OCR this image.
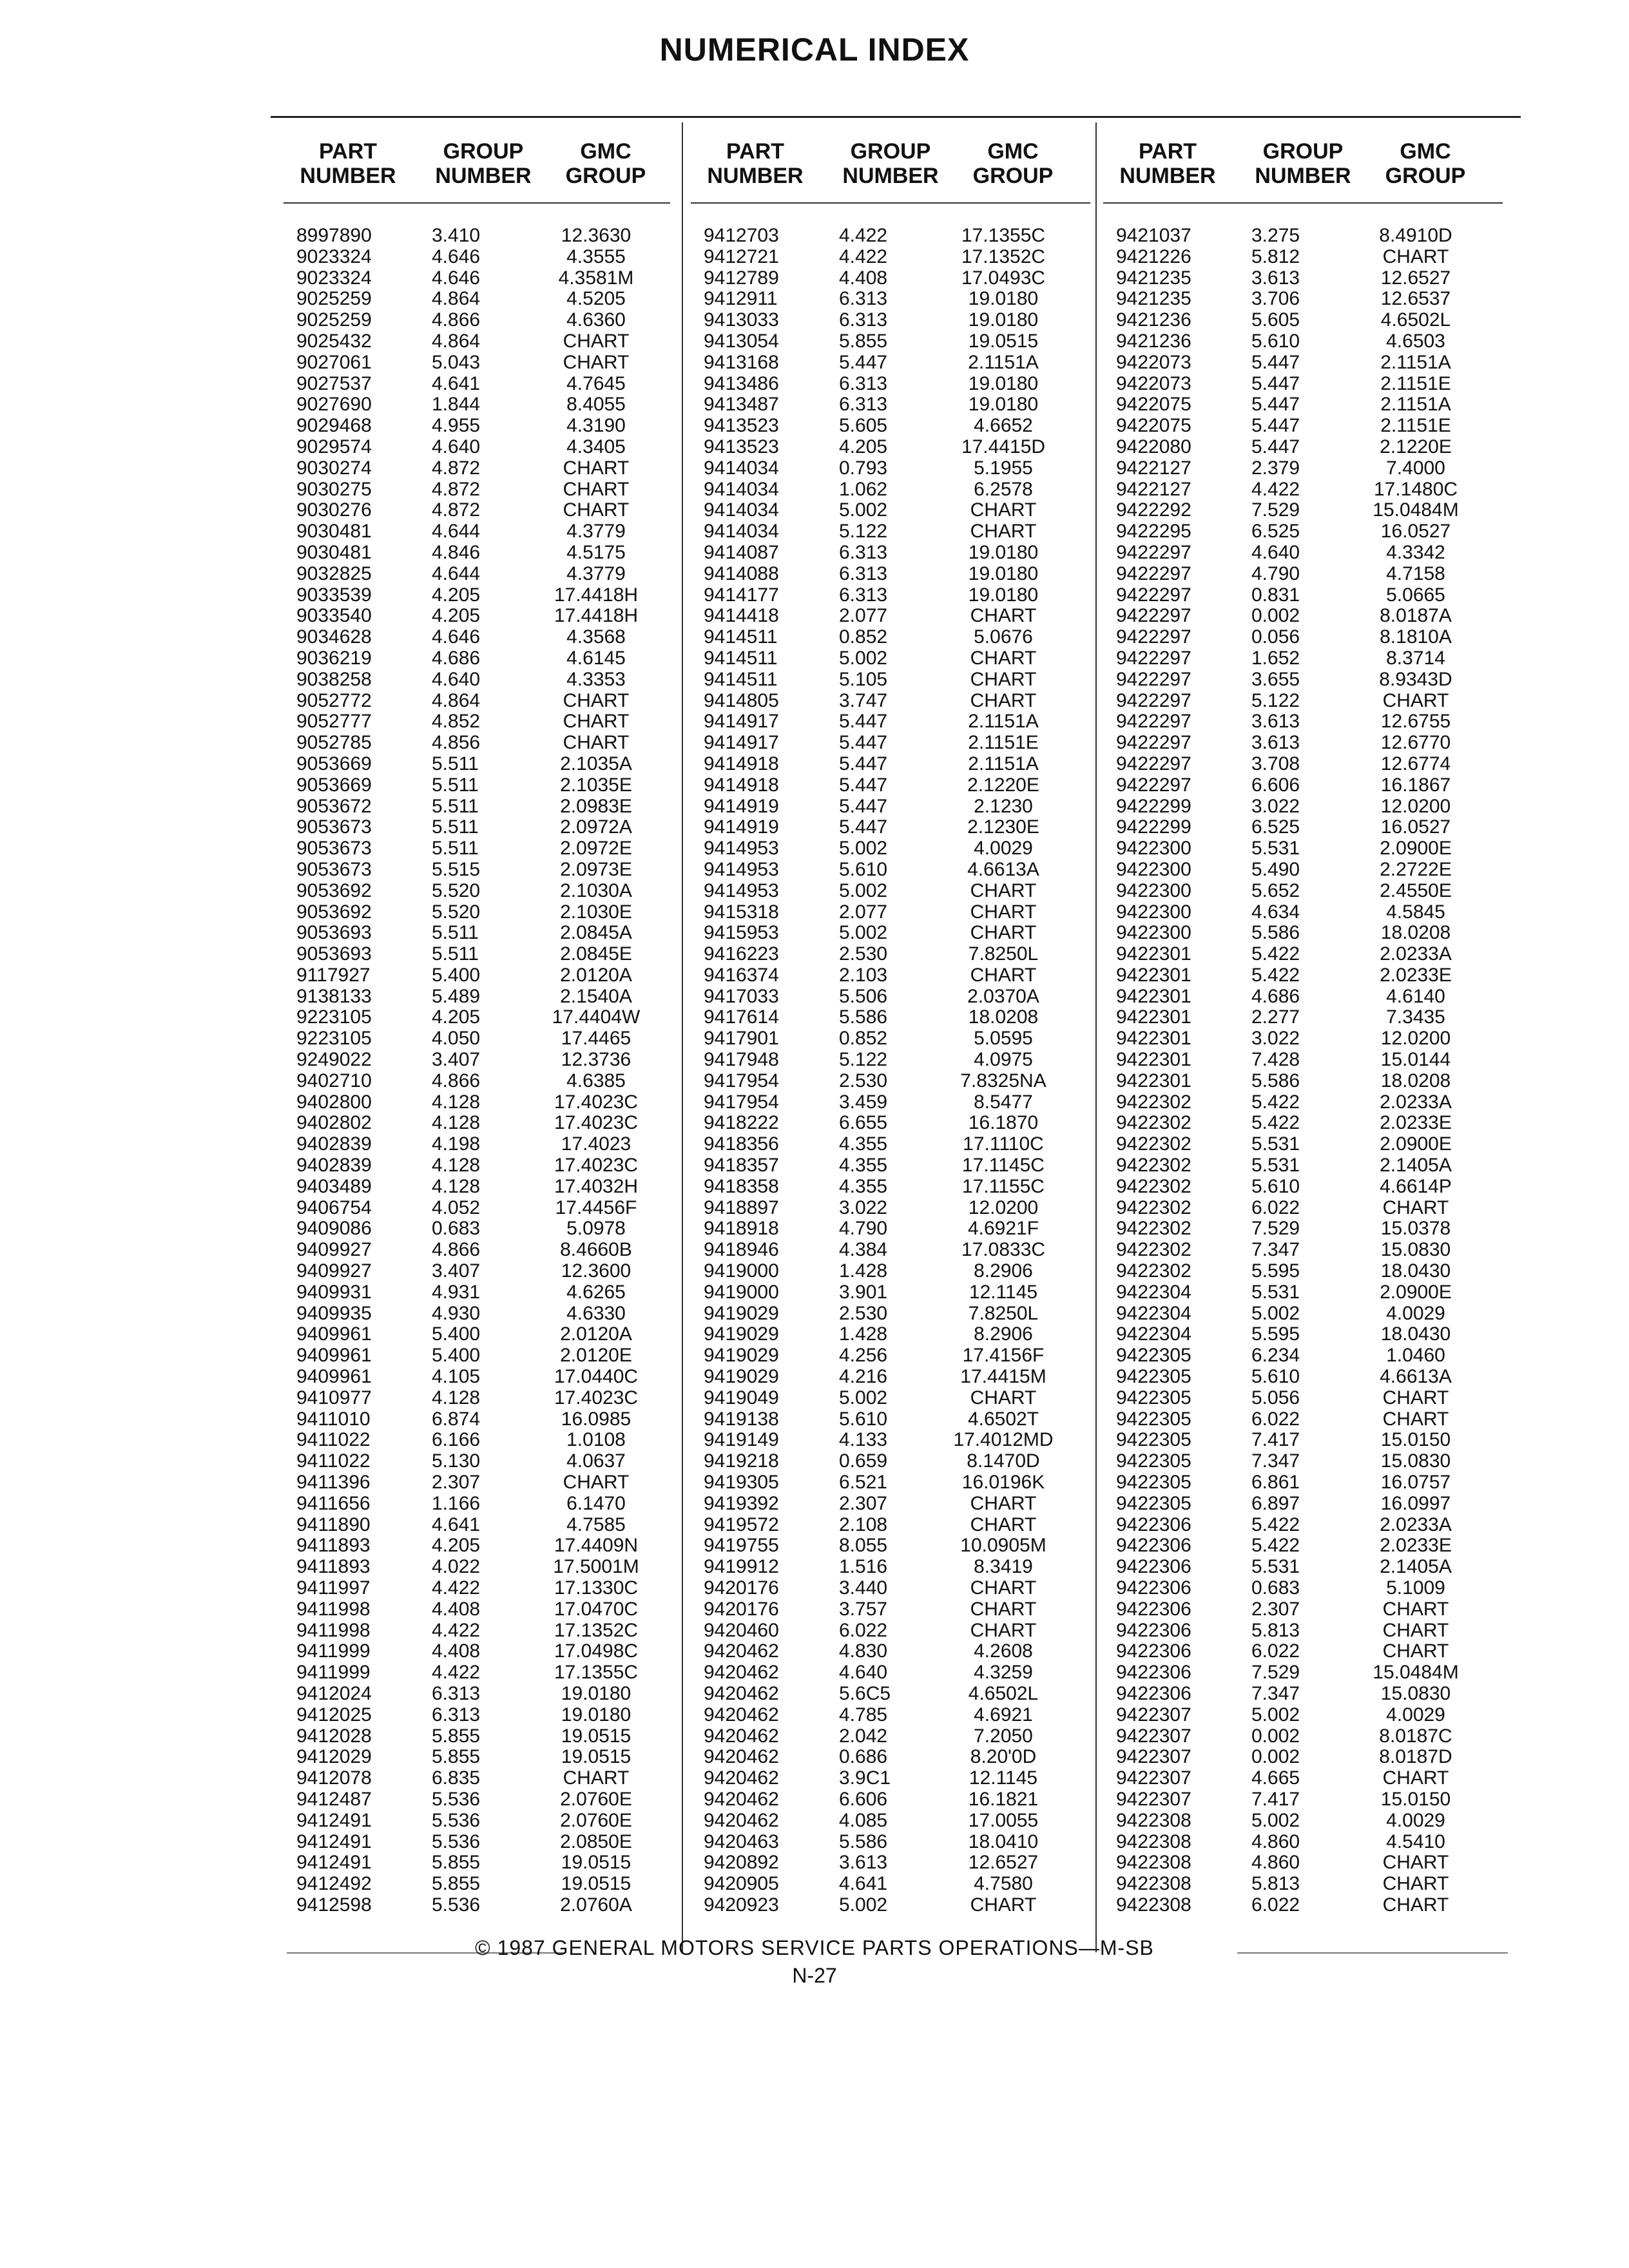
NUMERICAL INDEX
PART
NUMBER
GROUP
NUMBER
GMC
GROUP
8997890	3.410	12.3630
9023324	4.646	4.3555
9023324	4.646	4.3581M
9025259	4.864	4.5205
9025259	4.866	4.6360
9025432	4.864	CHART
9027061	5.043	CHART
9027537	4.641	4.7645
9027690	1.844	8.4055
9029468	4.955	4.3190
9029574	4.640	4.3405
9030274	4.872	CHART
9030275	4.872	CHART
9030276	4.872	CHART
9030481	4.644	4.3779
9030481	4.846	4.5175
9032825	4.644	4.3779
9033539	4.205	17.4418H
9033540	4.205	17.4418H
9034628	4.646	4.3568
9036219	4.686	4.6145
9038258	4.640	4.3353
9052772	4.864	CHART
9052777	4.852	CHART
9052785	4.856	CHART
9053669	5.511	2.1035A
9053669	5.511	2.1035E
9053672	5.511	2.0983E
9053673	5.511	2.0972A
9053673	5.511	2.0972E
9053673	5.515	2.0973E
9053692	5.520	2.1030A
9053692	5.520	2.1030E
9053693	5.511	2.0845A
9053693	5.511	2.0845E
9117927	5.400	2.0120A
9138133	5.489	2.1540A
9223105	4.205	17.4404W
9223105	4.050	17.4465
9249022	3.407	12.3736
9402710	4.866	4.6385
9402800	4.128	17.4023C
9402802	4.128	17.4023C
9402839	4.198	17.4023
9402839	4.128	17.4023C
9403489	4.128	17.4032H
9406754	4.052	17.4456F
9409086	0.683	5.0978
9409927	4.866	8.4660B
9409927	3.407	12.3600
9409931	4.931	4.6265
9409935	4.930	4.6330
9409961	5.400	2.0120A
9409961	5.400	2.0120E
9409961	4.105	17.0440C
9410977	4.128	17.4023C
9411010	6.874	16.0985
9411022	6.166	1.0108
9411022	5.130	4.0637
9411396	2.307	CHART
9411656	1.166	6.1470
9411890	4.641	4.7585
9411893	4.205	17.4409N
9411893	4.022	17.5001M
9411997	4.422	17.1330C
9411998	4.408	17.0470C
9411998	4.422	17.1352C
9411999	4.408	17.0498C
9411999	4.422	17.1355C
9412024	6.313	19.0180
9412025	6.313	19.0180
9412028	5.855	19.0515
9412029	5.855	19.0515
9412078	6.835	CHART
9412487	5.536	2.0760E
9412491	5.536	2.0760E
9412491	5.536	2.0850E
9412491	5.855	19.0515
9412492	5.855	19.0515
9412598	5.536	2.0760A
PART
NUMBER
GROUP
NUMBER
GMC
GROUP
9412703	4.422	17.1355C
9412721	4.422	17.1352C
9412789	4.408	17.0493C
9412911	6.313	19.0180
9413033	6.313	19.0180
9413054	5.855	19.0515
9413168	5.447	2.1151A
9413486	6.313	19.0180
9413487	6.313	19.0180
9413523	5.605	4.6652
9413523	4.205	17.4415D
9414034	0.793	5.1955
9414034	1.062	6.2578
9414034	5.002	CHART
9414034	5.122	CHART
9414087	6.313	19.0180
9414088	6.313	19.0180
9414177	6.313	19.0180
9414418	2.077	CHART
9414511	0.852	5.0676
9414511	5.002	CHART
9414511	5.105	CHART
9414805	3.747	CHART
9414917	5.447	2.1151A
9414917	5.447	2.1151E
9414918	5.447	2.1151A
9414918	5.447	2.1220E
9414919	5.447	2.1230
9414919	5.447	2.1230E
9414953	5.002	4.0029
9414953	5.610	4.6613A
9414953	5.002	CHART
9415318	2.077	CHART
9415953	5.002	CHART
9416223	2.530	7.8250L
9416374	2.103	CHART
9417033	5.506	2.0370A
9417614	5.586	18.0208
9417901	0.852	5.0595
9417948	5.122	4.0975
9417954	2.530	7.8325NA
9417954	3.459	8.5477
9418222	6.655	16.1870
9418356	4.355	17.1110C
9418357	4.355	17.1145C
9418358	4.355	17.1155C
9418897	3.022	12.0200
9418918	4.790	4.6921F
9418946	4.384	17.0833C
9419000	1.428	8.2906
9419000	3.901	12.1145
9419029	2.530	7.8250L
9419029	1.428	8.2906
9419029	4.256	17.4156F
9419029	4.216	17.4415M
9419049	5.002	CHART
9419138	5.610	4.6502T
9419149	4.133	17.4012MD
9419218	0.659	8.1470D
9419305	6.521	16.0196K
9419392	2.307	CHART
9419572	2.108	CHART
9419755	8.055	10.0905M
9419912	1.516	8.3419
9420176	3.440	CHART
9420176	3.757	CHART
9420460	6.022	CHART
9420462	4.830	4.2608
9420462	4.640	4.3259
9420462	5.6C5	4.6502L
9420462	4.785	4.6921
9420462	2.042	7.2050
9420462	0.686	8.20'0D
9420462	3.9C1	12.1145
9420462	6.606	16.1821
9420462	4.085	17.0055
9420463	5.586	18.0410
9420892	3.613	12.6527
9420905	4.641	4.7580
9420923	5.002	CHART
PART
NUMBER
GROUP
NUMBER
GMC
GROUP
9421037	3.275	8.4910D
9421226	5.812	CHART
9421235	3.613	12.6527
9421235	3.706	12.6537
9421236	5.605	4.6502L
9421236	5.610	4.6503
9422073	5.447	2.1151A
9422073	5.447	2.1151E
9422075	5.447	2.1151A
9422075	5.447	2.1151E
9422080	5.447	2.1220E
9422127	2.379	7.4000
9422127	4.422	17.1480C
9422292	7.529	15.0484M
9422295	6.525	16.0527
9422297	4.640	4.3342
9422297	4.790	4.7158
9422297	0.831	5.0665
9422297	0.002	8.0187A
9422297	0.056	8.1810A
9422297	1.652	8.3714
9422297	3.655	8.9343D
9422297	5.122	CHART
9422297	3.613	12.6755
9422297	3.613	12.6770
9422297	3.708	12.6774
9422297	6.606	16.1867
9422299	3.022	12.0200
9422299	6.525	16.0527
9422300	5.531	2.0900E
9422300	5.490	2.2722E
9422300	5.652	2.4550E
9422300	4.634	4.5845
9422300	5.586	18.0208
9422301	5.422	2.0233A
9422301	5.422	2.0233E
9422301	4.686	4.6140
9422301	2.277	7.3435
9422301	3.022	12.0200
9422301	7.428	15.0144
9422301	5.586	18.0208
9422302	5.422	2.0233A
9422302	5.422	2.0233E
9422302	5.531	2.0900E
9422302	5.531	2.1405A
9422302	5.610	4.6614P
9422302	6.022	CHART
9422302	7.529	15.0378
9422302	7.347	15.0830
9422302	5.595	18.0430
9422304	5.531	2.0900E
9422304	5.002	4.0029
9422304	5.595	18.0430
9422305	6.234	1.0460
9422305	5.610	4.6613A
9422305	5.056	CHART
9422305	6.022	CHART
9422305	7.417	15.0150
9422305	7.347	15.0830
9422305	6.861	16.0757
9422305	6.897	16.0997
9422306	5.422	2.0233A
9422306	5.422	2.0233E
9422306	5.531	2.1405A
9422306	0.683	5.1009
9422306	2.307	CHART
9422306	5.813	CHART
9422306	6.022	CHART
9422306	7.529	15.0484M
9422306	7.347	15.0830
9422307	5.002	4.0029
9422307	0.002	8.0187C
9422307	0.002	8.0187D
9422307	4.665	CHART
9422307	7.417	15.0150
9422308	5.002	4.0029
9422308	4.860	4.5410
9422308	4.860	CHART
9422308	5.813	CHART
9422308	6.022	CHART
© 1987 GENERAL MOTORS SERVICE PARTS OPERATIONS—M-SB
N-27
